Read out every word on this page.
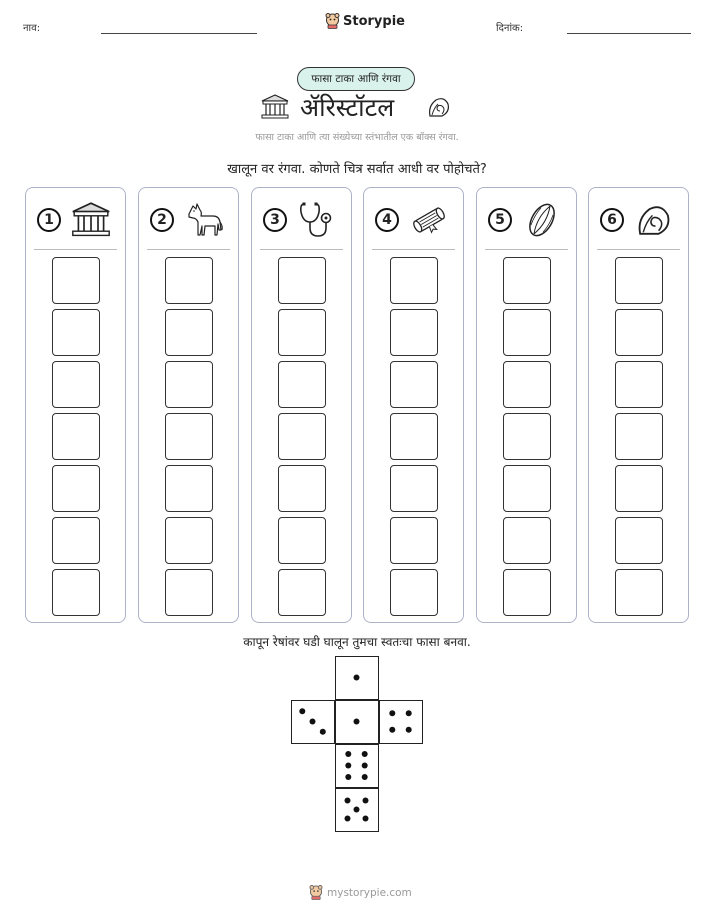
नाव:	Storypie	दिनांक:
फासा टाका आणि रंगवा
ॲरिस्टॉटल
फासा टाका आणि त्या संख्येच्या स्तंभातील एक बॉक्स रंगवा.
खालून वर रंगवा. कोणते चित्र सर्वात आधी वर पोहोचते?
1	2	3	4	5	6
कापून रेषांवर घडी घालून तुमचा स्वतःचा फासा बनवा.
mystorypie.com
